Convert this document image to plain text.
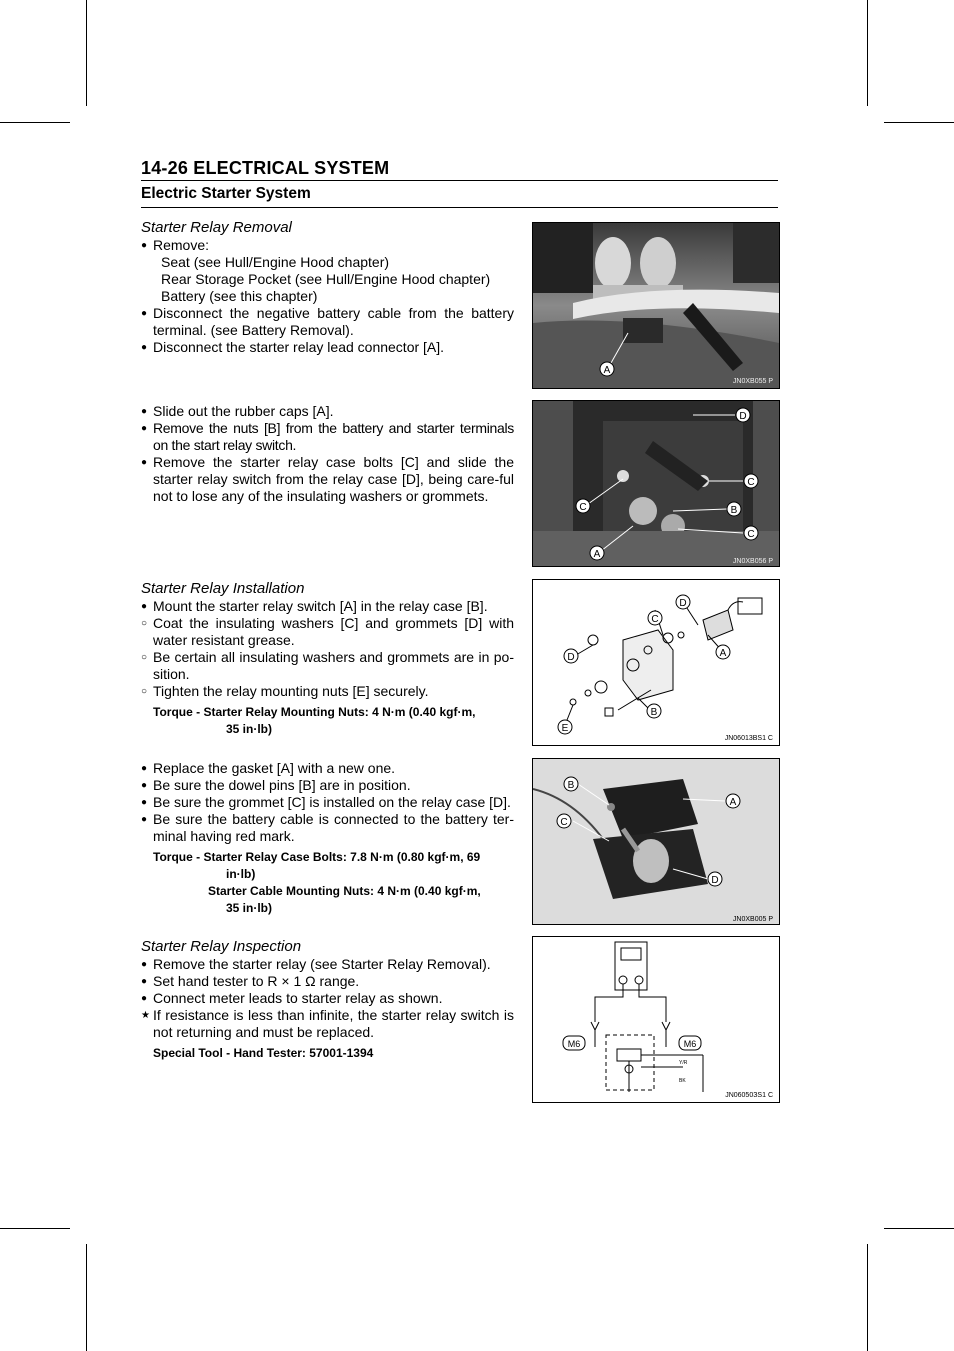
14-26 ELECTRICAL SYSTEM
Electric Starter System
Starter Relay Removal
● Remove:
Seat (see Hull/Engine Hood chapter)
Rear Storage Pocket (see Hull/Engine Hood chapter)
Battery (see this chapter)
● Disconnect the negative battery cable from the battery terminal. (see Battery Removal).
● Disconnect the starter relay lead connector [A].
● Slide out the rubber caps [A].
● Remove the nuts [B] from the battery and starter terminals on the start relay switch.
● Remove the starter relay case bolts [C] and slide the starter relay switch from the relay case [D], being care-ful not to lose any of the insulating washers or grommets.
Starter Relay Installation
● Mount the starter relay switch [A] in the relay case [B].
○ Coat the insulating washers [C] and grommets [D] with water resistant grease.
○ Be certain all insulating washers and grommets are in po-sition.
○ Tighten the relay mounting nuts [E] securely.
Torque - Starter Relay Mounting Nuts: 4 N·m (0.40 kgf·m,
35 in·lb)
● Replace the gasket [A] with a new one.
● Be sure the dowel pins [B] are in position.
● Be sure the grommet [C] is installed on the relay case [D].
● Be sure the battery cable is connected to the battery ter-minal having red mark.
Torque - Starter Relay Case Bolts: 7.8 N·m (0.80 kgf·m, 69
in·lb)
Starter Cable Mounting Nuts: 4 N·m (0.40 kgf·m,
35 in·lb)
Starter Relay Inspection
● Remove the starter relay (see Starter Relay Removal).
● Set hand tester to R × 1 Ω range.
● Connect meter leads to starter relay as shown.
★ If resistance is less than infinite, the starter relay switch is not returning and must be replaced.
Special Tool - Hand Tester: 57001-1394
A
JN0XB055 P
D
C
C	B
C
A
JN0XB056 P
C
D
D	A
E
B
JN06013BS1 C
B
A
C
D
JN0XB005 P
M6	M6
Y/R
BK
JN06050ЗS1 C
